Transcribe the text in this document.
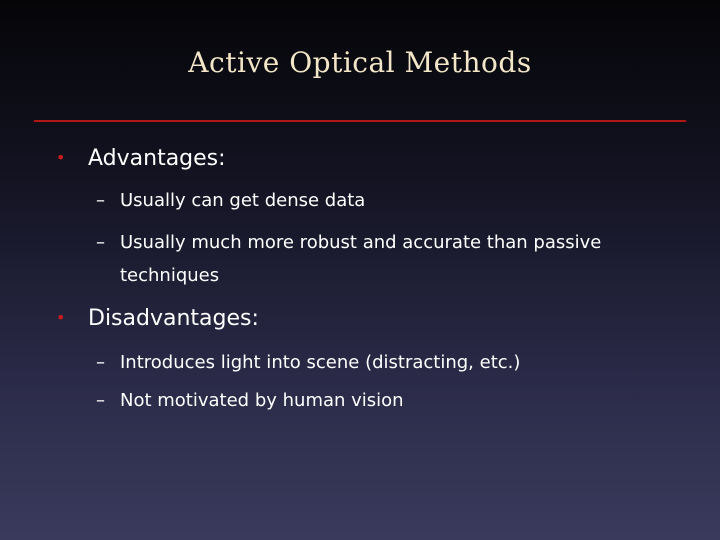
Active Optical Methods
•	Advantages:
– Usually can get dense data
– Usually much more robust and accurate than passive techniques
•	Disadvantages:
– Introduces light into scene (distracting, etc.)
– Not motivated by human vision
